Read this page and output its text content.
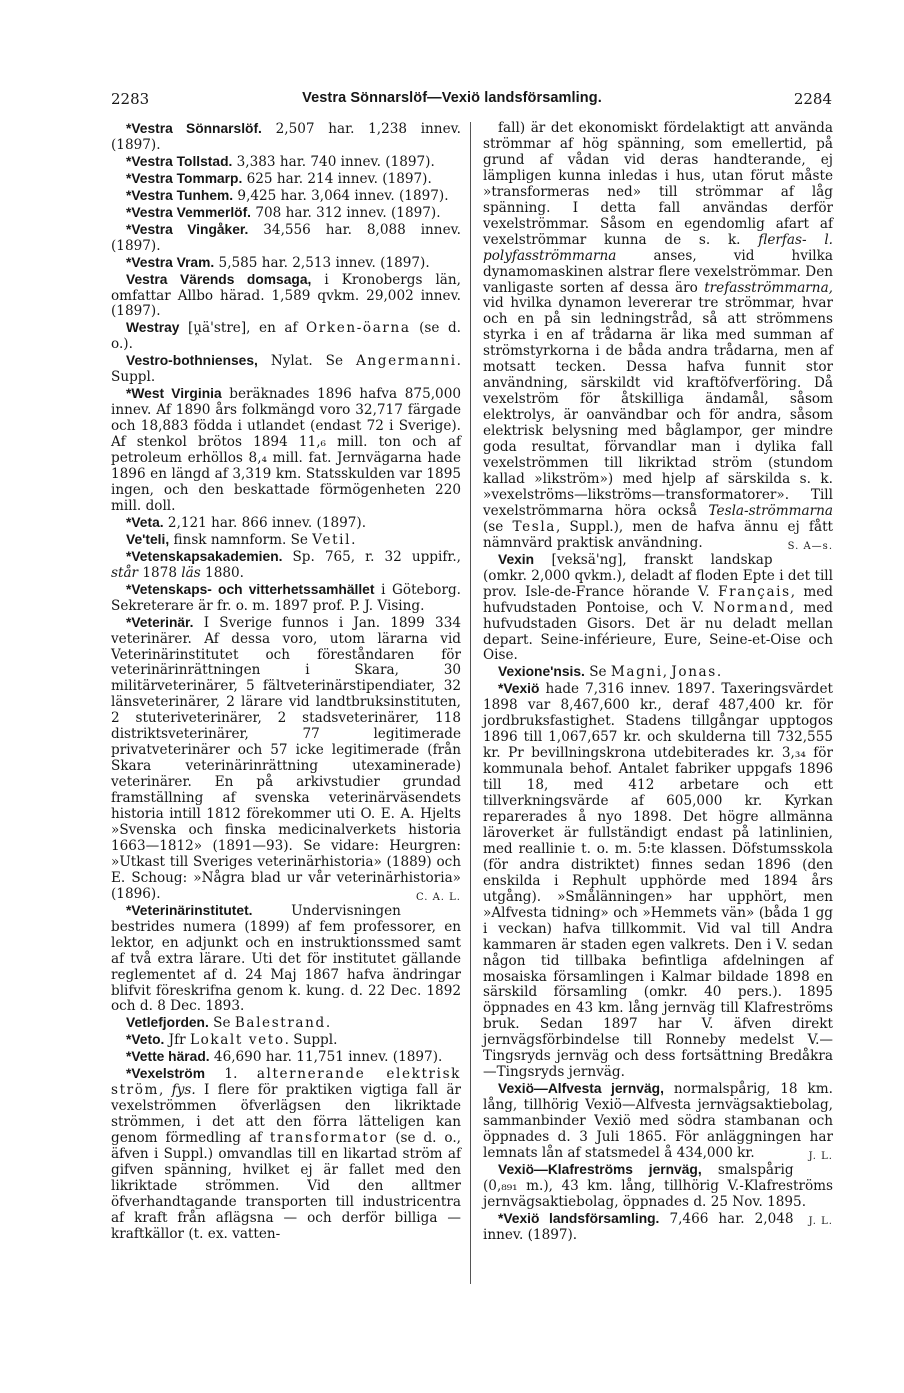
2283	Vestra Sönnarslöf—Vexiö landsförsamling.	2284

*Vestra Sönnarslöf. 2,507 har. 1,238 innev. (1897).

*Vestra Tollstad. 3,383 har. 740 innev. (1897).

*Vestra Tommarp. 625 har. 214 innev. (1897).

*Vestra Tunhem. 9,425 har. 3,064 innev. (1897).

*Vestra Vemmerlöf. 708 har. 312 innev. (1897).

*Vestra Vingåker. 34,556 har. 8,088 innev. (1897).

*Vestra Vram. 5,585 har. 2,513 innev. (1897).

Vestra Värends domsaga, i Kronobergs län, omfattar Allbo härad. 1,589 qvkm. 29,002 innev. (1897).

Westray [ṷä'stre], en af Orken-öarna (se d. o.).

Vestro-bothnienses, Nylat. Se Angermanni. Suppl.

*West Virginia beräknades 1896 hafva 875,000 innev. Af 1890 års folkmängd voro 32,717 färgade och 18,883 födda i utlandet (endast 72 i Sverige). Af stenkol brötos 1894 11,₆ mill. ton och af petroleum erhöllos 8,₄ mill. fat. Jernvägarna hade 1896 en längd af 3,319 km. Statsskulden var 1895 ingen, och den beskattade förmögenheten 220 mill. doll.

*Veta. 2,121 har. 866 innev. (1897).

Ve'teli, finsk namnform. Se Vetil.

*Vetenskapsakademien. Sp. 765, r. 32 uppifr., står 1878 läs 1880.

*Vetenskaps- och vitterhetssamhället i Göteborg. Sekreterare är fr. o. m. 1897 prof. P. J. Vising.

*Veterinär. I Sverige funnos i Jan. 1899 334 veterinärer. Af dessa voro, utom lärarna vid Veterinärinstitutet och föreståndaren för veterinärinrättningen i Skara, 30 militärveterinärer, 5 fältveterinärstipendiater, 32 länsveterinärer, 2 lärare vid landtbruksinstituten, 2 stuteriveterinärer, 2 stadsveterinärer, 118 distriktsveterinärer, 77 legitimerade privatveterinärer och 57 icke legitimerade (från Skara veterinärinrättning utexaminerade) veterinärer. En på arkivstudier grundad framställning af svenska veterinärväsendets historia intill 1812 förekommer uti O. E. A. Hjelts »Svenska och finska medicinalverkets historia 1663—1812» (1891—93). Se vidare: Heurgren: »Utkast till Sveriges veterinärhistoria» (1889) och E. Schoug: »Några blad ur vår veterinärhistoria» (1896).	C. A. L.

*Veterinärinstitutet. Undervisningen bestrides numera (1899) af fem professorer, en lektor, en adjunkt och en instruktionssmed samt af två extra lärare. Uti det för institutet gällande reglementet af d. 24 Maj 1867 hafva ändringar blifvit föreskrifna genom k. kung. d. 22 Dec. 1892 och d. 8 Dec. 1893.

Vetlefjorden. Se Balestrand.

*Veto. Jfr Lokalt veto. Suppl.

*Vette härad. 46,690 har. 11,751 innev. (1897).

*Vexelström 1. alternerande elektrisk ström, fys. I flere för praktiken vigtiga fall är vexelströmmen öfverlägsen den likriktade strömmen, i det att den förra lätteligen kan genom förmedling af transformator (se d. o., äfven i Suppl.) omvandlas till en likartad ström af gifven spänning, hvilket ej är fallet med den likriktade strömmen. Vid den alltmer öfverhandtagande transporten till industricentra af kraft från aflägsna — och derför billiga — kraftkällor (t. ex. vatten-

fall) är det ekonomiskt fördelaktigt att använda strömmar af hög spänning, som emellertid, på grund af vådan vid deras handterande, ej lämpligen kunna inledas i hus, utan förut måste »transformeras ned» till strömmar af låg spänning. I detta fall användas derför vexelströmmar. Såsom en egendomlig afart af vexelströmmar kunna de s. k. flerfas- l. polyfasströmmarna anses, vid hvilka dynamomaskinen alstrar flere vexelströmmar. Den vanligaste sorten af dessa äro trefasströmmarna, vid hvilka dynamon levererar tre strömmar, hvar och en på sin ledningstråd, så att strömmens styrka i en af trådarna är lika med summan af strömstyrkorna i de båda andra trådarna, men af motsatt tecken. Dessa hafva funnit stor användning, särskildt vid kraftöfverföring. Då vexelström för åtskilliga ändamål, såsom elektrolys, är oanvändbar och för andra, såsom elektrisk belysning med båglampor, ger mindre goda resultat, förvandlar man i dylika fall vexelströmmen till likriktad ström (stundom kallad »likström») med hjelp af särskilda s. k. »vexelströms—likströms—transformatorer». Till vexelströmmarna höra också Tesla-strömmarna (se Tesla, Suppl.), men de hafva ännu ej fått nämnvärd praktisk användning.	S. A—s.

Vexin [veksä'ng], franskt landskap (omkr. 2,000 qvkm.), deladt af floden Epte i det till prov. Isle-de-France hörande V. Français, med hufvudstaden Pontoise, och V. Normand, med hufvudstaden Gisors. Det är nu deladt mellan depart. Seine-inférieure, Eure, Seine-et-Oise och Oise.

Vexione'nsis. Se Magni, Jonas.

*Vexiö hade 7,316 innev. 1897. Taxeringsvärdet 1898 var 8,467,600 kr., deraf 487,400 kr. för jordbruksfastighet. Stadens tillgångar upptogos 1896 till 1,067,657 kr. och skulderna till 732,555 kr. Pr bevillningskrona utdebiterades kr. 3,₃₄ för kommunala behof. Antalet fabriker uppgafs 1896 till 18, med 412 arbetare och ett tillverkningsvärde af 605,000 kr. Kyrkan reparerades å nyo 1898. Det högre allmänna läroverket är fullständigt endast på latinlinien, med reallinie t. o. m. 5:te klassen. Döfstumsskola (för andra distriktet) finnes sedan 1896 (den enskilda i Rephult upphörde med 1894 års utgång). »Smålänningen» har upphört, men »Alfvesta tidning» och »Hemmets vän» (båda 1 gg i veckan) hafva tillkommit. Vid val till Andra kammaren är staden egen valkrets. Den i V. sedan någon tid tillbaka befintliga afdelningen af mosaiska församlingen i Kalmar bildade 1898 en särskild församling (omkr. 40 pers.). 1895 öppnades en 43 km. lång jernväg till Klafreströms bruk. Sedan 1897 har V. äfven direkt jernvägsförbindelse till Ronneby medelst V.—Tingsryds jernväg och dess fortsättning Bredåkra—Tingsryds jernväg.

Vexiö—Alfvesta jernväg, normalspårig, 18 km. lång, tillhörig Vexiö—Alfvesta jernvägsaktiebolag, sammanbinder Vexiö med södra stambanan och öppnades d. 3 Juli 1865. För anläggningen har lemnats lån af statsmedel å 434,000 kr.	J. L.

Vexiö—Klafreströms jernväg, smalspårig (0,₈₉₁ m.), 43 km. lång, tillhörig V.-Klafreströms jernvägsaktiebolag, öppnades d. 25 Nov. 1895.
J. L.

*Vexiö landsförsamling. 7,466 har. 2,048 innev. (1897).
